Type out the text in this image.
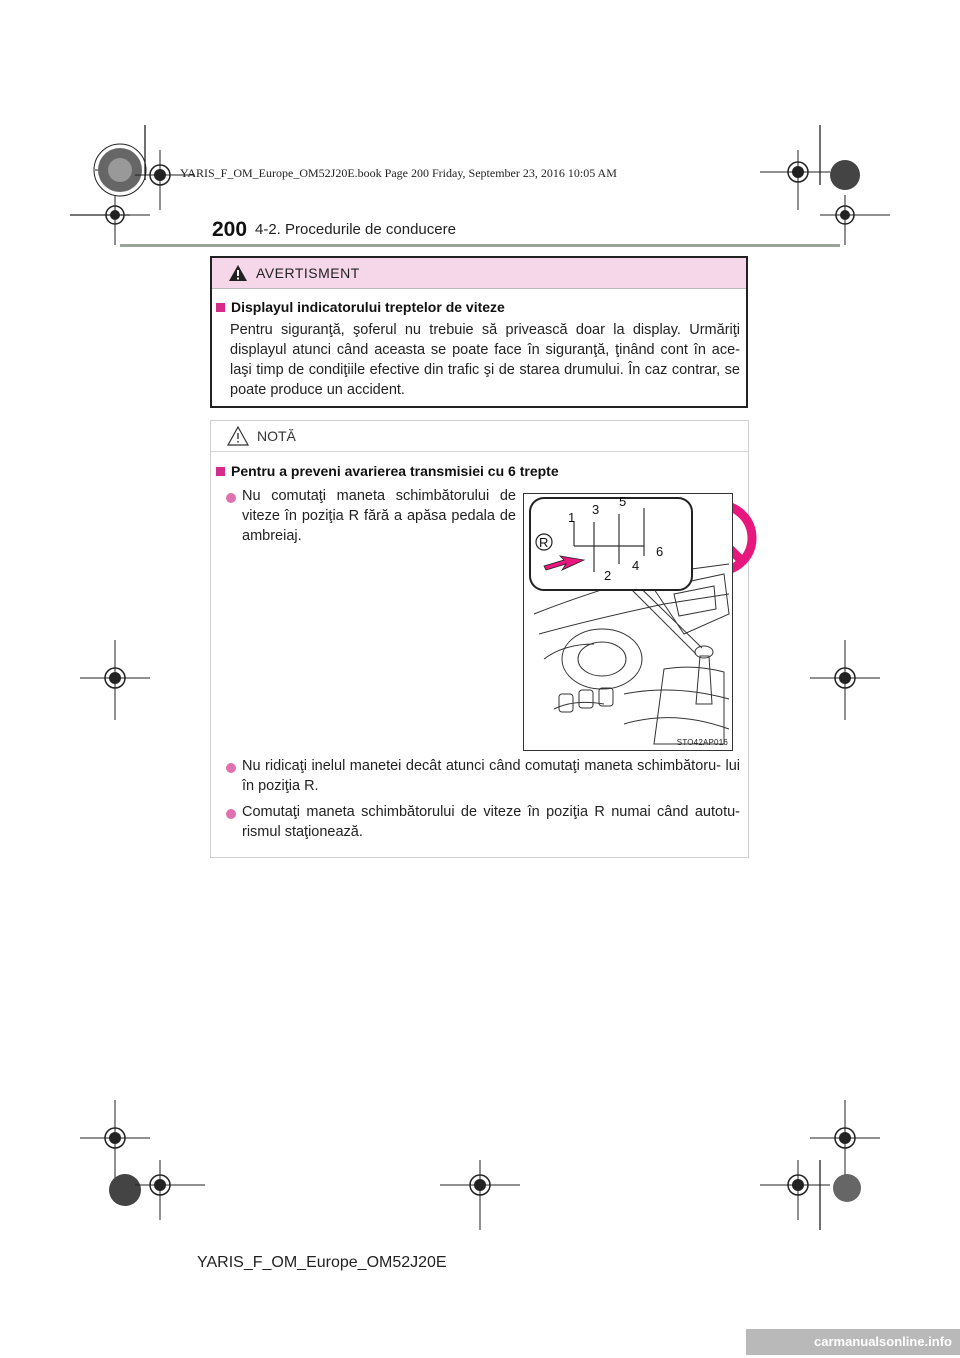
YARIS_F_OM_Europe_OM52J20E.book Page 200 Friday, September 23, 2016 10:05 AM
200 4-2. Procedurile de conducere
AVERTISMENT
Displayul indicatorului treptelor de viteze
Pentru siguranţă, şoferul nu trebuie să privească doar la display. Urmăriţi displayul atunci când aceasta se poate face în siguranţă, ţinând cont în ace- laşi timp de condiţiile efective din trafic şi de starea drumului. În caz contrar, se poate produce un accident.
NOTĂ
Pentru a preveni avarierea transmisiei cu 6 trepte
Nu comutaţi maneta schimbătorului de viteze în poziţia R fără a apăsa pedala de ambreiaj.
Nu ridicaţi inelul manetei decât atunci când comutaţi maneta schimbătoru- lui în poziţia R.
Comutaţi maneta schimbătorului de viteze în poziţia R numai când autotu- rismul staţionează.
R
1
2
3
4
5
6
STO42AP016
YARIS_F_OM_Europe_OM52J20E
carmanualsonline.info
